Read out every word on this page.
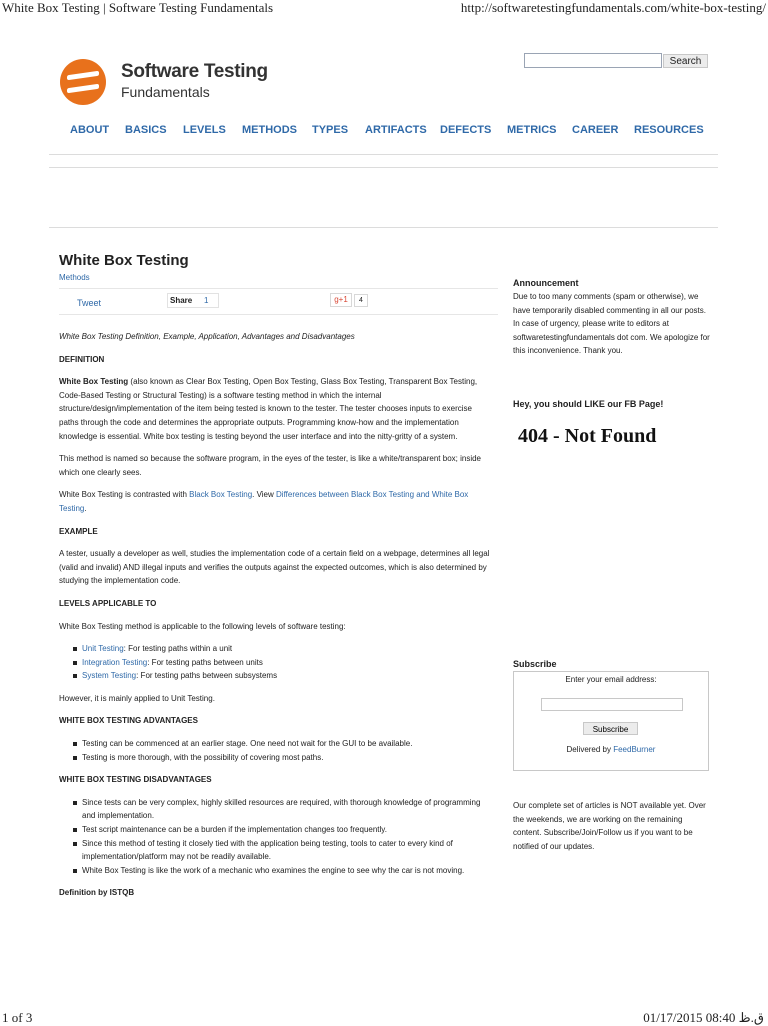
White Box Testing | Software Testing Fundamentals	http://softwaretestingfundamentals.com/white-box-testing/
1 of 3	01/17/2015 08:40 ق.ظ
Software Testing
Fundamentals
Search
ABOUT BASICS LEVELS METHODS TYPES ARTIFACTS DEFECTS METRICS CAREER RESOURCES
White Box Testing
Methods
Tweet	Share 1	g+1	4

White Box Testing Definition, Example, Application, Advantages and Disadvantages

DEFINITION

White Box Testing (also known as Clear Box Testing, Open Box Testing, Glass Box Testing, Transparent Box Testing, Code-Based Testing or Structural Testing) is a software testing method in which the internal structure/design/implementation of the item being tested is known to the tester. The tester chooses inputs to exercise paths through the code and determines the appropriate outputs. Programming know-how and the implementation knowledge is essential. White box testing is testing beyond the user interface and into the nitty-gritty of a system.

This method is named so because the software program, in the eyes of the tester, is like a white/transparent box; inside which one clearly sees.

White Box Testing is contrasted with Black Box Testing. View Differences between Black Box Testing and White Box Testing.

EXAMPLE

A tester, usually a developer as well, studies the implementation code of a certain field on a webpage, determines all legal (valid and invalid) AND illegal inputs and verifies the outputs against the expected outcomes, which is also determined by studying the implementation code.

LEVELS APPLICABLE TO

White Box Testing method is applicable to the following levels of software testing:

Unit Testing: For testing paths within a unit
Integration Testing: For testing paths between units
System Testing: For testing paths between subsystems

However, it is mainly applied to Unit Testing.

WHITE BOX TESTING ADVANTAGES

Testing can be commenced at an earlier stage. One need not wait for the GUI to be available.
Testing is more thorough, with the possibility of covering most paths.

WHITE BOX TESTING DISADVANTAGES

Since tests can be very complex, highly skilled resources are required, with thorough knowledge of programming and implementation.
Test script maintenance can be a burden if the implementation changes too frequently.
Since this method of testing it closely tied with the application being testing, tools to cater to every kind of implementation/platform may not be readily available.
White Box Testing is like the work of a mechanic who examines the engine to see why the car is not moving.

Definition by ISTQB

Announcement
Due to too many comments (spam or otherwise), we have temporarily disabled commenting in all our posts. In case of urgency, please write to editors at softwaretestingfundamentals dot com. We apologize for this inconvenience. Thank you.
Hey, you should LIKE our FB Page!
404 - Not Found
Subscribe
Enter your email address:
Subscribe
Delivered by FeedBurner
Our complete set of articles is NOT available yet. Over the weekends, we are working on the remaining content. Subscribe/Join/Follow us if you want to be notified of our updates.
